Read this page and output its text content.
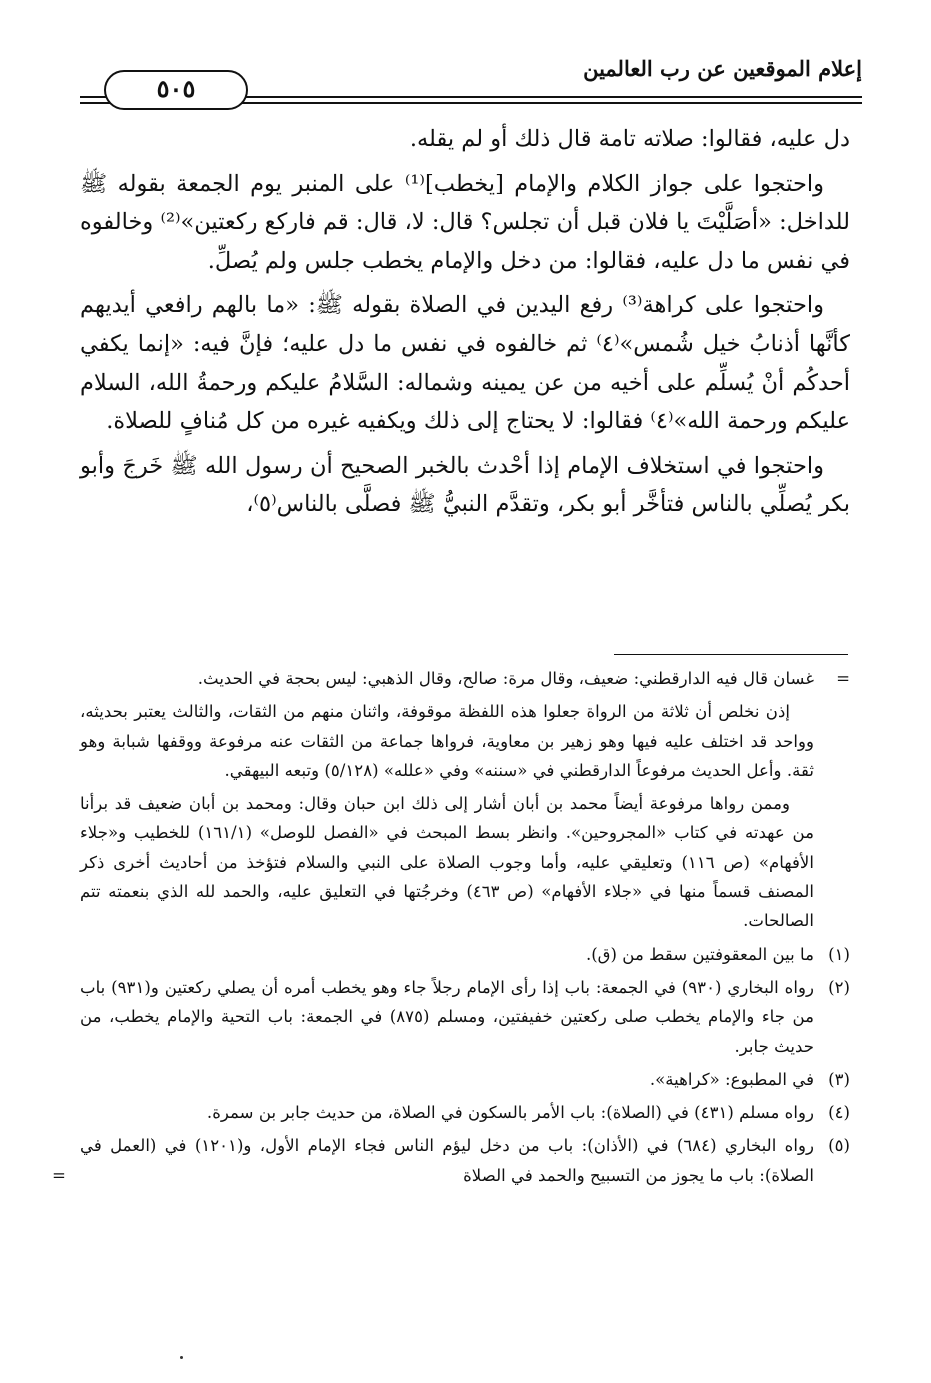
إعلام الموقعين عن رب العالمين
٥٠٥

دل عليه، فقالوا: صلاته تامة قال ذلك أو لم يقله.

واحتجوا على جواز الكلام والإمام [يخطب]⁽¹⁾ على المنبر يوم الجمعة بقوله ﷺ للداخل: «أصَلَّيْتَ يا فلان قبل أن تجلس؟ قال: لا، قال: قم فاركع ركعتين»⁽²⁾ وخالفوه في نفس ما دل عليه، فقالوا: من دخل والإمام يخطب جلس ولم يُصلِّ.

واحتجوا على كراهة⁽³⁾ رفع اليدين في الصلاة بقوله ﷺ: «ما بالهم رافعي أيديهم كأنَّها أذنابُ خيل شُمس»⁽٤⁾ ثم خالفوه في نفس ما دل عليه؛ فإنَّ فيه: «إنما يكفي أحدكُم أنْ يُسلِّم على أخيه من عن يمينه وشماله: السَّلامُ عليكم ورحمةُ الله، السلام عليكم ورحمة الله»⁽٤⁾ فقالوا: لا يحتاج إلى ذلك ويكفيه غيره من كل مُنافٍ للصلاة.

واحتجوا في استخلاف الإمام إذا أحْدث بالخبر الصحيح أن رسول الله ﷺ خَرجَ وأبو بكر يُصلِّي بالناس فتأخَّر أبو بكر، وتقدَّم النبيُّ ﷺ فصلَّى بالناس⁽٥⁾،

=
غسان قال فيه الدارقطني: ضعيف، وقال مرة: صالح، وقال الذهبي: ليس بحجة في الحديث.

إذن نخلص أن ثلاثة من الرواة جعلوا هذه اللفظة موقوفة، واثنان منهم من الثقات، والثالث يعتبر بحديثه، وواحد قد اختلف عليه فيها وهو زهير بن معاوية، فرواها جماعة من الثقات عنه مرفوعة ووقفها شبابة وهو ثقة. وأعل الحديث مرفوعاً الدارقطني في «سننه» وفي «علله» (٥/١٢٨) وتبعه البيهقي.

وممن رواها مرفوعة أيضاً محمد بن أبان أشار إلى ذلك ابن حبان وقال: ومحمد بن أبان ضعيف قد برأنا من عهدته في كتاب «المجروحين». وانظر بسط المبحث في «الفصل للوصل» (١٦١/١) للخطيب و«جلاء الأفهام» (ص ١١٦) وتعليقي عليه، وأما وجوب الصلاة على النبي والسلام فتؤخذ من أحاديث أخرى ذكر المصنف قسماً منها في «جلاء الأفهام» (ص ٤٦٣) وخرجُتها في التعليق عليه، والحمد لله الذي بنعمته تتم الصالحات.

(١)
ما بين المعقوفتين سقط من (ق).

(٢)
رواه البخاري (٩٣٠) في الجمعة: باب إذا رأى الإمام رجلاً جاء وهو يخطب أمره أن يصلي ركعتين و(٩٣١) باب من جاء والإمام يخطب صلى ركعتين خفيفتين، ومسلم (٨٧٥) في الجمعة: باب التحية والإمام يخطب، من حديث جابر.

(٣)
في المطبوع: «كراهية».

(٤)
رواه مسلم (٤٣١) في (الصلاة): باب الأمر بالسكون في الصلاة، من حديث جابر بن سمرة.

(٥)
رواه البخاري (٦٨٤) في (الأذان): باب من دخل ليؤم الناس فجاء الإمام الأول، و(١٢٠١) في (العمل في الصلاة): باب ما يجوز من التسبيح والحمد في الصلاة
=
